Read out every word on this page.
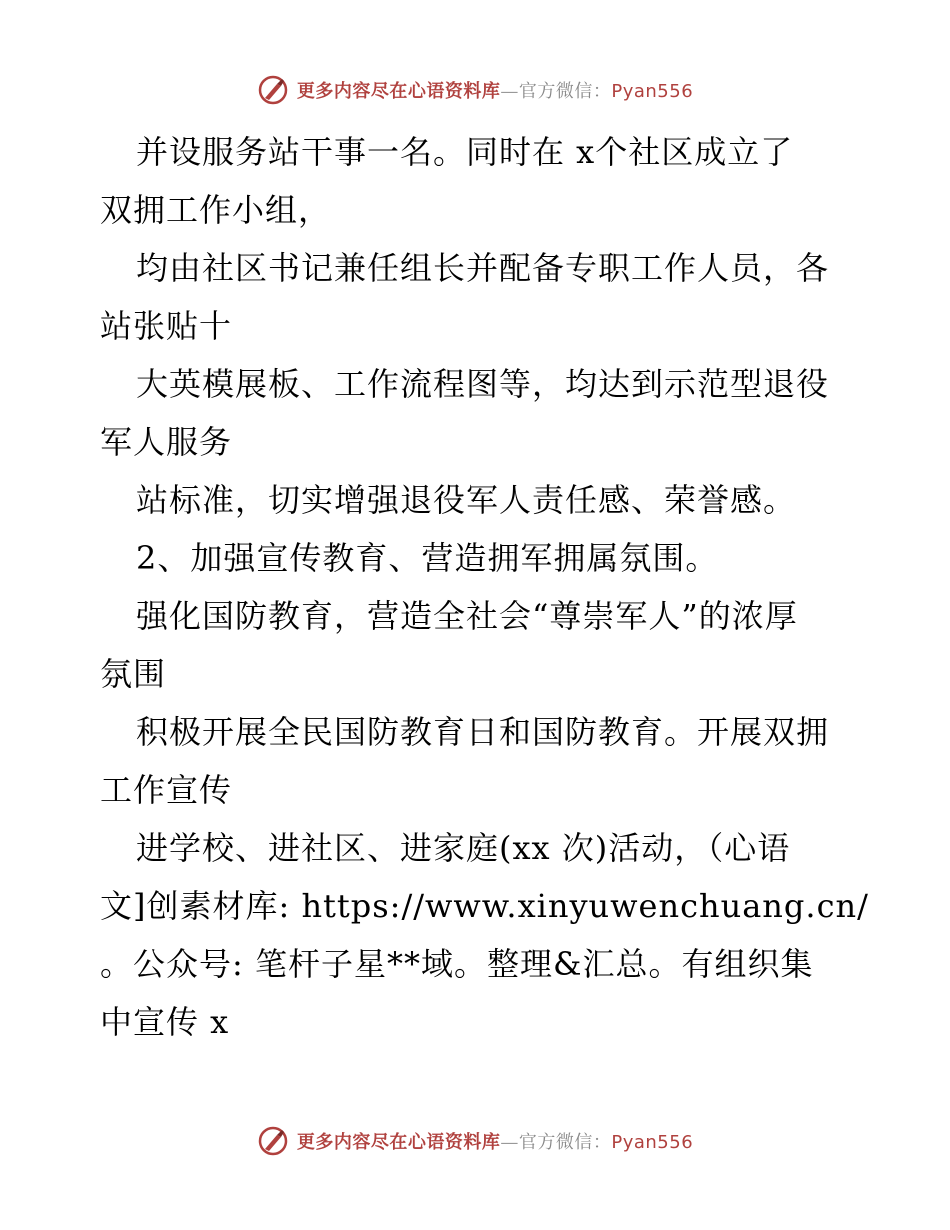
更多内容尽在心语资料库—官方微信：Pyan556
并设服务站干事一名。同时在 x个社区成立了
双拥工作小组，
均由社区书记兼任组长并配备专职工作人员，各
站张贴十
大英模展板、工作流程图等，均达到示范型退役
军人服务
站标准，切实增强退役军人责任感、荣誉感。
2、加强宣传教育、营造拥军拥属氛围。
强化国防教育，营造全社会“尊崇军人”的浓厚
氛围
积极开展全民国防教育日和国防教育。开展双拥
工作宣传
进学校、进社区、进家庭(xx 次)活动，（心语
文]创素材库: https://www.xinyuwenchuang.cn/
。公众号: 笔杆子星**域。整理&汇总。有组织集
中宣传 x
更多内容尽在心语资料库—官方微信：Pyan556
